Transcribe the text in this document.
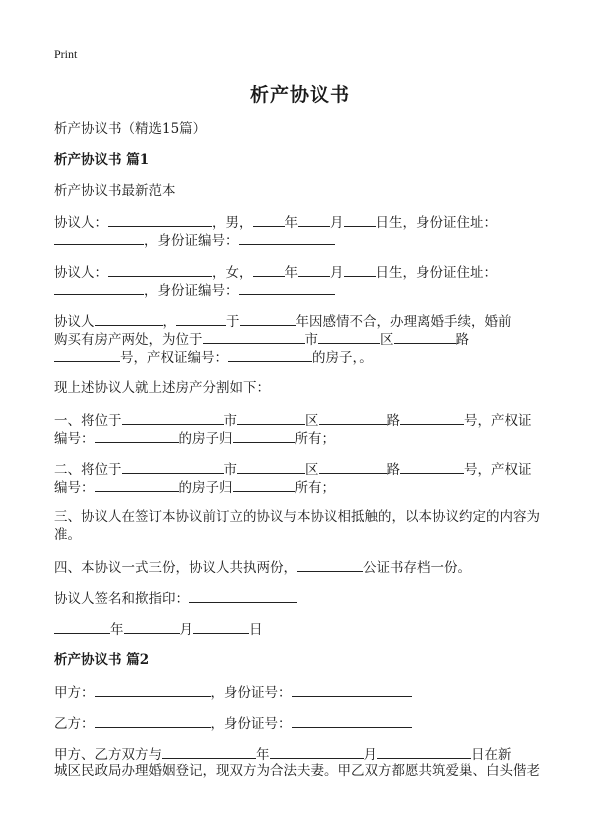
Print
析产协议书
析产协议书（精选15篇）
析产协议书 篇1
析产协议书最新范本
协议人：	，男， 年 月 日生，身份证住址：
，身份证编号：
协议人：	，女， 年 月 日生，身份证住址：
，身份证编号：
协议人	，	于	年因感情不合，办理离婚手续，婚前
购买有房产两处，为位于	市	区	路
号，产权证编号：	的房子，。
现上述协议人就上述房产分割如下：
一、将位于	市	区	路	号，产权证
编号：	的房子归	所有；
二、将位于	市	区	路	号，产权证
编号：	的房子归	所有；
三、协议人在签订本协议前订立的协议与本协议相抵触的，以本协议约定的内容为
准。
四、本协议一式三份，协议人共执两份，	公证书存档一份。
协议人签名和揿指印：
年	月	日
析产协议书 篇2
甲方：	，身份证号：
乙方：	，身份证号：
甲方、乙方双方与	年	月	日在新
城区民政局办理婚姻登记，现双方为合法夫妻。甲乙双方都愿共筑爱巢、白头偕老
